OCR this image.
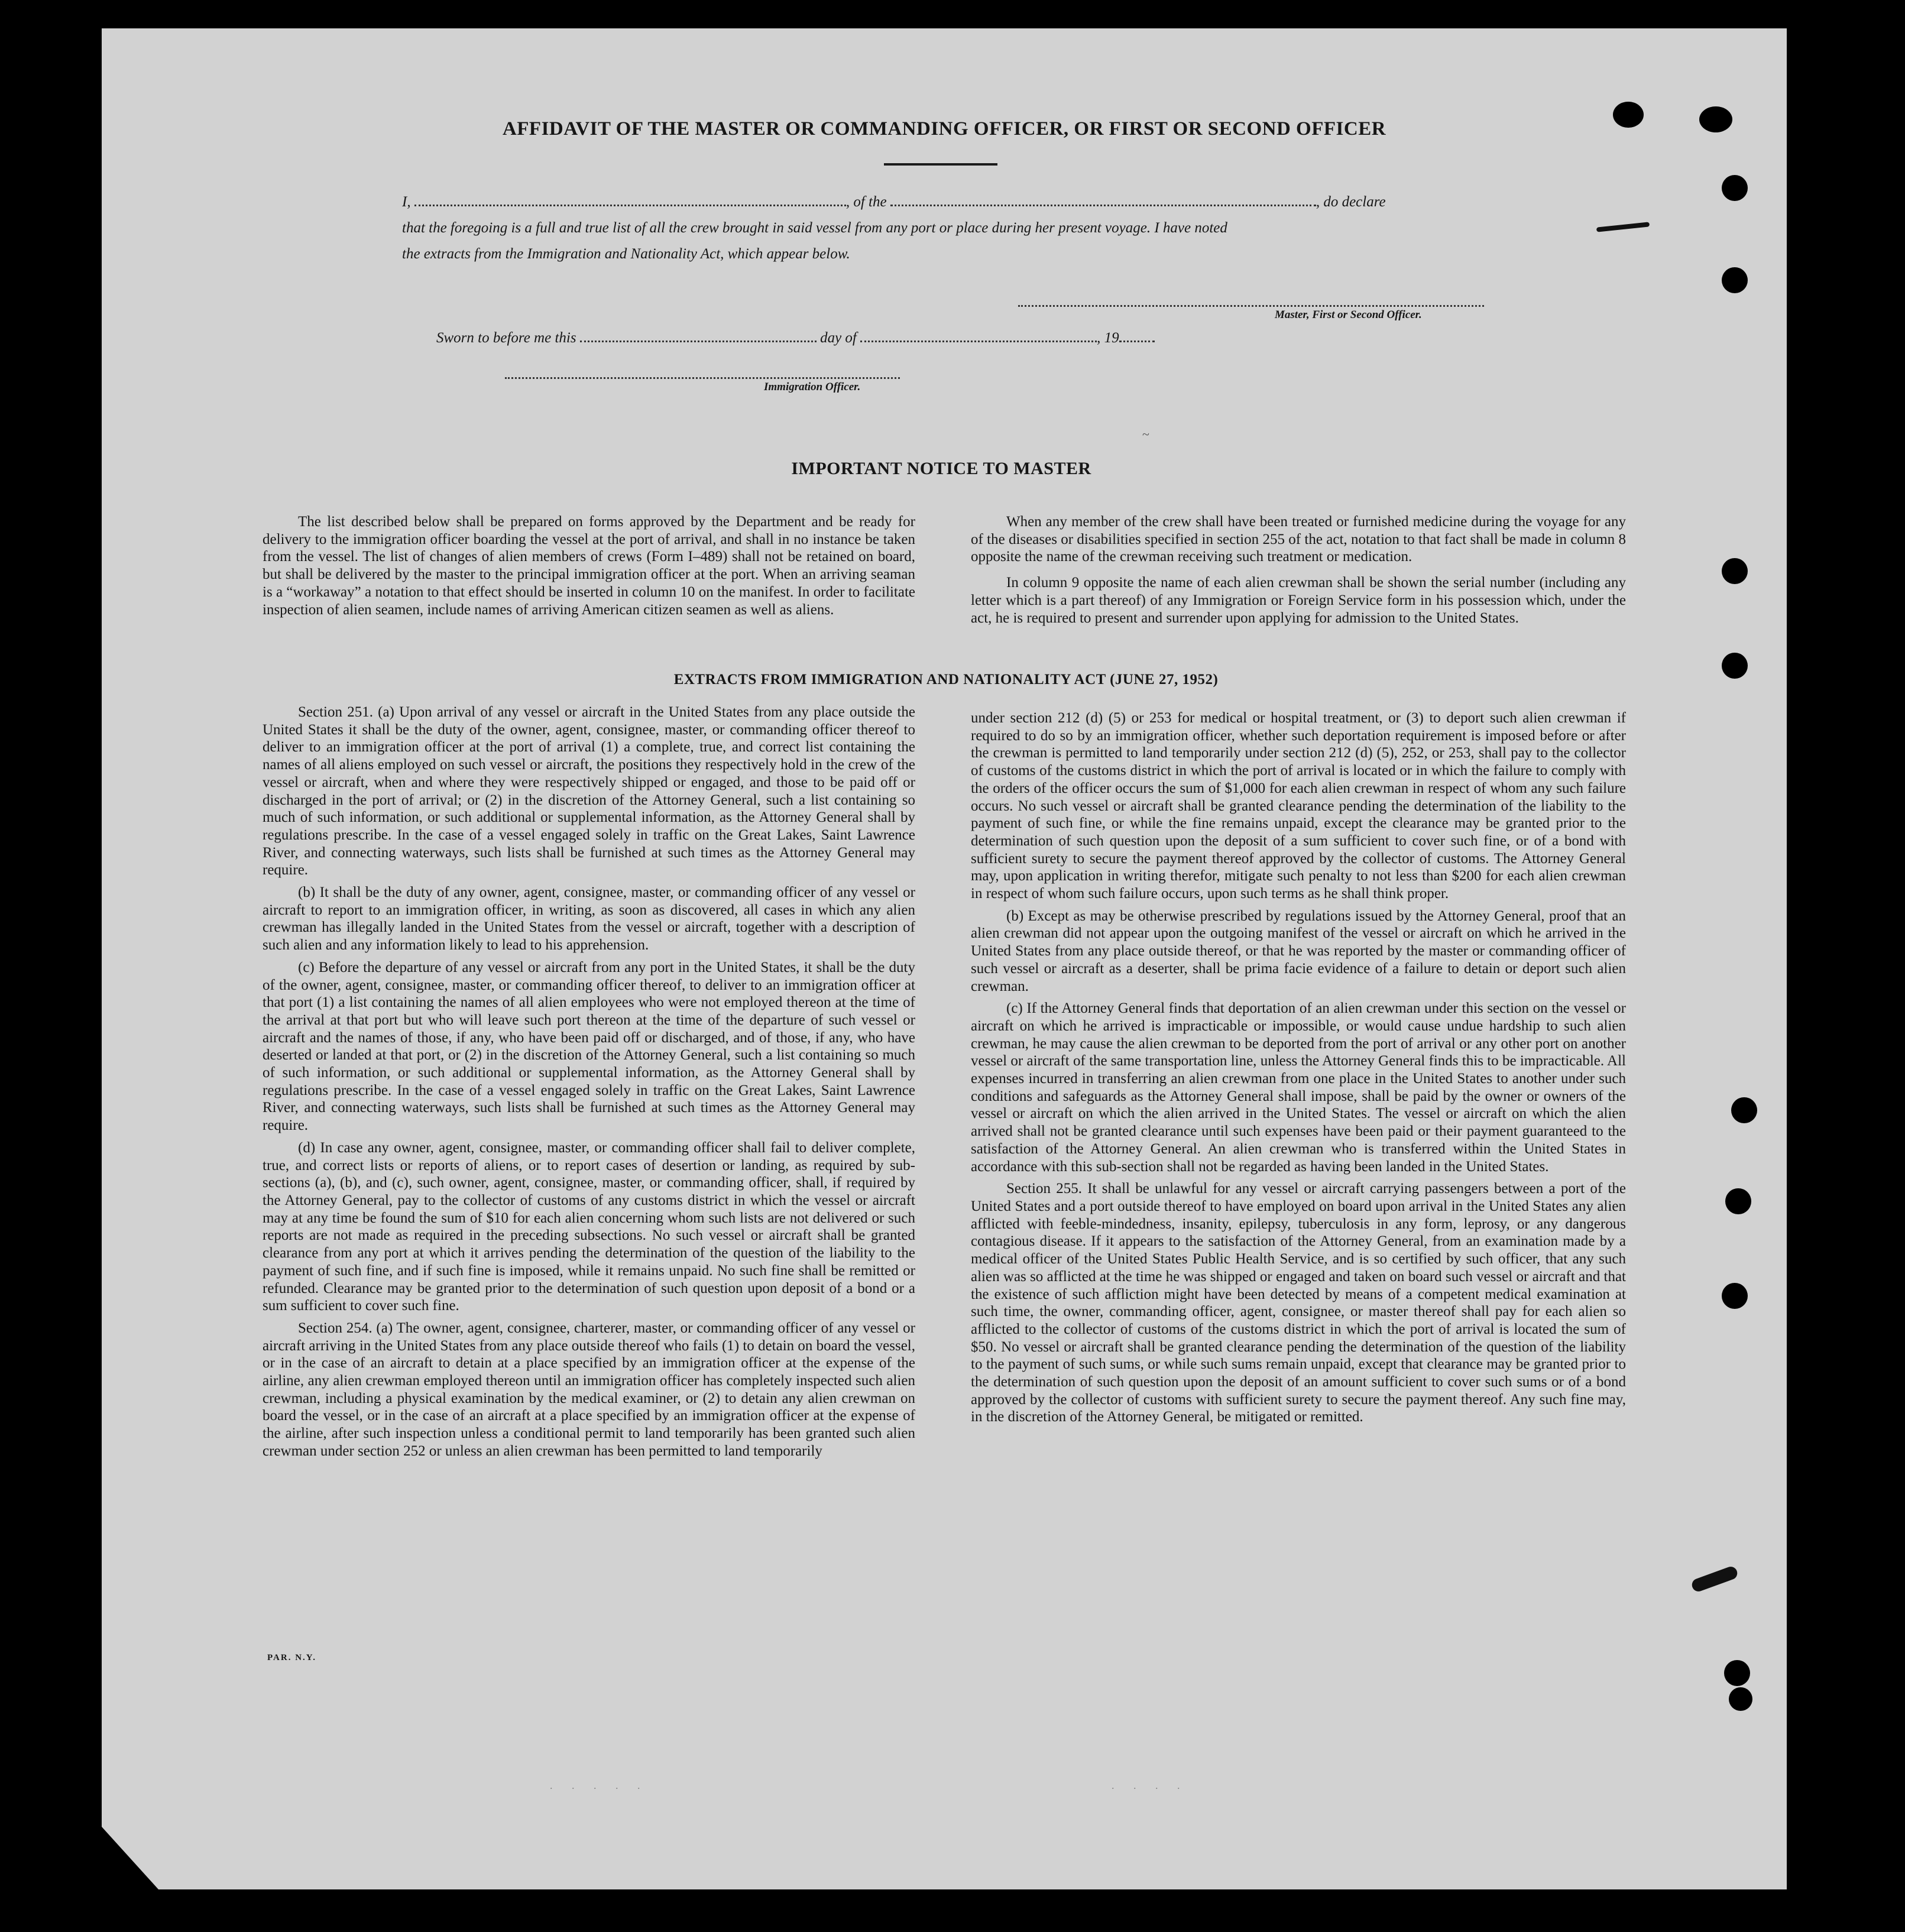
AFFIDAVIT OF THE MASTER OR COMMANDING OFFICER, OR FIRST OR SECOND OFFICER
I,	, of the	, do declare
that the foregoing is a full and true list of all the crew brought in said vessel from any port or place during her present voyage. I have noted
the extracts from the Immigration and Nationality Act, which appear below.
Master, First or Second Officer.
Sworn to before me this	day of	, 19
Immigration Officer.
~
IMPORTANT NOTICE TO MASTER

The list described below shall be prepared on forms approved by the Department and be ready for delivery to the immigration officer boarding the vessel at the port of arrival, and shall in no instance be taken from the vessel. The list of changes of alien members of crews (Form I–489) shall not be retained on board, but shall be delivered by the master to the principal immigration officer at the port. When an arriving seaman is a “workaway” a notation to that effect should be inserted in column 10 on the manifest. In order to facilitate inspection of alien seamen, include names of arriving American citizen seamen as well as aliens.

When any member of the crew shall have been treated or furnished medicine during the voyage for any of the diseases or disabilities specified in section 255 of the act, notation to that fact shall be made in column 8 opposite the name of the crewman receiving such treatment or medication.

In column 9 opposite the name of each alien crewman shall be shown the serial number (including any letter which is a part thereof) of any Immigration or Foreign Service form in his possession which, under the act, he is required to present and surrender upon applying for admission to the United States.

EXTRACTS FROM IMMIGRATION AND NATIONALITY ACT (JUNE 27, 1952)

Section 251. (a) Upon arrival of any vessel or aircraft in the United States from any place outside the United States it shall be the duty of the owner, agent, consignee, master, or commanding officer thereof to deliver to an immigration officer at the port of arrival (1) a complete, true, and correct list containing the names of all aliens employed on such vessel or aircraft, the positions they respectively hold in the crew of the vessel or aircraft, when and where they were respectively shipped or engaged, and those to be paid off or discharged in the port of arrival; or (2) in the discretion of the Attorney General, such a list containing so much of such information, or such additional or supplemental information, as the Attorney General shall by regulations prescribe. In the case of a vessel engaged solely in traffic on the Great Lakes, Saint Lawrence River, and connecting waterways, such lists shall be furnished at such times as the Attorney General may require.

(b) It shall be the duty of any owner, agent, consignee, master, or commanding officer of any vessel or aircraft to report to an immigration officer, in writing, as soon as discovered, all cases in which any alien crewman has illegally landed in the United States from the vessel or aircraft, together with a description of such alien and any information likely to lead to his apprehension.

(c) Before the departure of any vessel or aircraft from any port in the United States, it shall be the duty of the owner, agent, consignee, master, or commanding officer thereof, to deliver to an immigration officer at that port (1) a list containing the names of all alien employees who were not employed thereon at the time of the arrival at that port but who will leave such port thereon at the time of the departure of such vessel or aircraft and the names of those, if any, who have been paid off or discharged, and of those, if any, who have deserted or landed at that port, or (2) in the discretion of the Attorney General, such a list containing so much of such information, or such additional or supplemental information, as the Attorney General shall by regulations prescribe. In the case of a vessel engaged solely in traffic on the Great Lakes, Saint Lawrence River, and connecting waterways, such lists shall be furnished at such times as the Attorney General may require.

(d) In case any owner, agent, consignee, master, or commanding officer shall fail to deliver complete, true, and correct lists or reports of aliens, or to report cases of desertion or landing, as required by sub-sections (a), (b), and (c), such owner, agent, consignee, master, or commanding officer, shall, if required by the Attorney General, pay to the collector of customs of any customs district in which the vessel or aircraft may at any time be found the sum of $10 for each alien concerning whom such lists are not delivered or such reports are not made as required in the preceding subsections. No such vessel or aircraft shall be granted clearance from any port at which it arrives pending the determination of the question of the liability to the payment of such fine, and if such fine is imposed, while it remains unpaid. No such fine shall be remitted or refunded. Clearance may be granted prior to the determination of such question upon deposit of a bond or a sum sufficient to cover such fine.

Section 254. (a) The owner, agent, consignee, charterer, master, or commanding officer of any vessel or aircraft arriving in the United States from any place outside thereof who fails (1) to detain on board the vessel, or in the case of an aircraft to detain at a place specified by an immigration officer at the expense of the airline, any alien crewman employed thereon until an immigration officer has completely inspected such alien crewman, including a physical examination by the medical examiner, or (2) to detain any alien crewman on board the vessel, or in the case of an aircraft at a place specified by an immigration officer at the expense of the airline, after such inspection unless a conditional permit to land temporarily has been granted such alien crewman under section 252 or unless an alien crewman has been permitted to land temporarily

under section 212 (d) (5) or 253 for medical or hospital treatment, or (3) to deport such alien crewman if required to do so by an immigration officer, whether such deportation requirement is imposed before or after the crewman is permitted to land temporarily under section 212 (d) (5), 252, or 253, shall pay to the collector of customs of the customs district in which the port of arrival is located or in which the failure to comply with the orders of the officer occurs the sum of $1,000 for each alien crewman in respect of whom any such failure occurs. No such vessel or aircraft shall be granted clearance pending the determination of the liability to the payment of such fine, or while the fine remains unpaid, except the clearance may be granted prior to the determination of such question upon the deposit of a sum sufficient to cover such fine, or of a bond with sufficient surety to secure the payment thereof approved by the collector of customs. The Attorney General may, upon application in writing therefor, mitigate such penalty to not less than $200 for each alien crewman in respect of whom such failure occurs, upon such terms as he shall think proper.

(b) Except as may be otherwise prescribed by regulations issued by the Attorney General, proof that an alien crewman did not appear upon the outgoing manifest of the vessel or aircraft on which he arrived in the United States from any place outside thereof, or that he was reported by the master or commanding officer of such vessel or aircraft as a deserter, shall be prima facie evidence of a failure to detain or deport such alien crewman.

(c) If the Attorney General finds that deportation of an alien crewman under this section on the vessel or aircraft on which he arrived is impracticable or impossible, or would cause undue hardship to such alien crewman, he may cause the alien crewman to be deported from the port of arrival or any other port on another vessel or aircraft of the same transportation line, unless the Attorney General finds this to be impracticable. All expenses incurred in transferring an alien crewman from one place in the United States to another under such conditions and safeguards as the Attorney General shall impose, shall be paid by the owner or owners of the vessel or aircraft on which the alien arrived in the United States. The vessel or aircraft on which the alien arrived shall not be granted clearance until such expenses have been paid or their payment guaranteed to the satisfaction of the Attorney General. An alien crewman who is transferred within the United States in accordance with this sub-section shall not be regarded as having been landed in the United States.

Section 255. It shall be unlawful for any vessel or aircraft carrying passengers between a port of the United States and a port outside thereof to have employed on board upon arrival in the United States any alien afflicted with feeble-mindedness, insanity, epilepsy, tuberculosis in any form, leprosy, or any dangerous contagious disease. If it appears to the satisfaction of the Attorney General, from an examination made by a medical officer of the United States Public Health Service, and is so certified by such officer, that any such alien was so afflicted at the time he was shipped or engaged and taken on board such vessel or aircraft and that the existence of such affliction might have been detected by means of a competent medical examination at such time, the owner, commanding officer, agent, consignee, or master thereof shall pay for each alien so afflicted to the collector of customs of the customs district in which the port of arrival is located the sum of $50. No vessel or aircraft shall be granted clearance pending the determination of the question of the liability to the payment of such sums, or while such sums remain unpaid, except that clearance may be granted prior to the determination of such question upon the deposit of an amount sufficient to cover such sums or of a bond approved by the collector of customs with sufficient surety to secure the payment thereof. Any such fine may, in the discretion of the Attorney General, be mitigated or remitted.

PAR. N.Y.
. . . . .	. . . .
